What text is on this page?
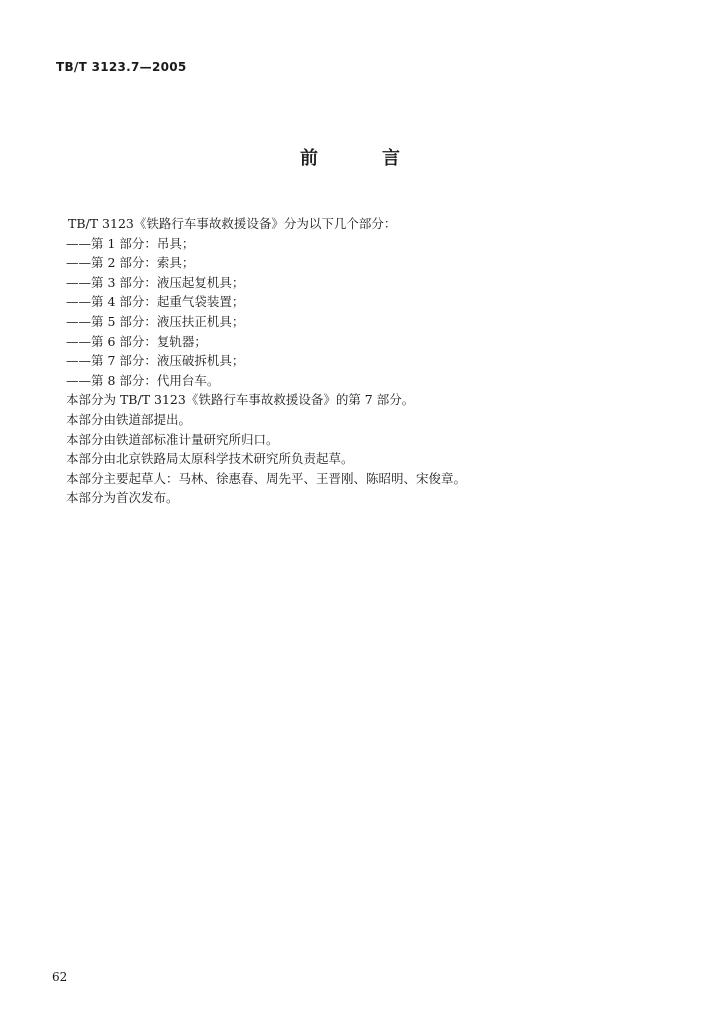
TB/T 3123.7—2005
前	言
TB/T 3123《铁路行车事故救援设备》分为以下几个部分：
——第 1 部分：吊具；
——第 2 部分：索具；
——第 3 部分：液压起复机具；
——第 4 部分：起重气袋装置；
——第 5 部分：液压扶正机具；
——第 6 部分：复轨器；
——第 7 部分：液压破拆机具；
——第 8 部分：代用台车。
本部分为 TB/T 3123《铁路行车事故救援设备》的第 7 部分。
本部分由铁道部提出。
本部分由铁道部标准计量研究所归口。
本部分由北京铁路局太原科学技术研究所负责起草。
本部分主要起草人：马林、徐惠春、周先平、王晋刚、陈昭明、宋俊章。
本部分为首次发布。
62
